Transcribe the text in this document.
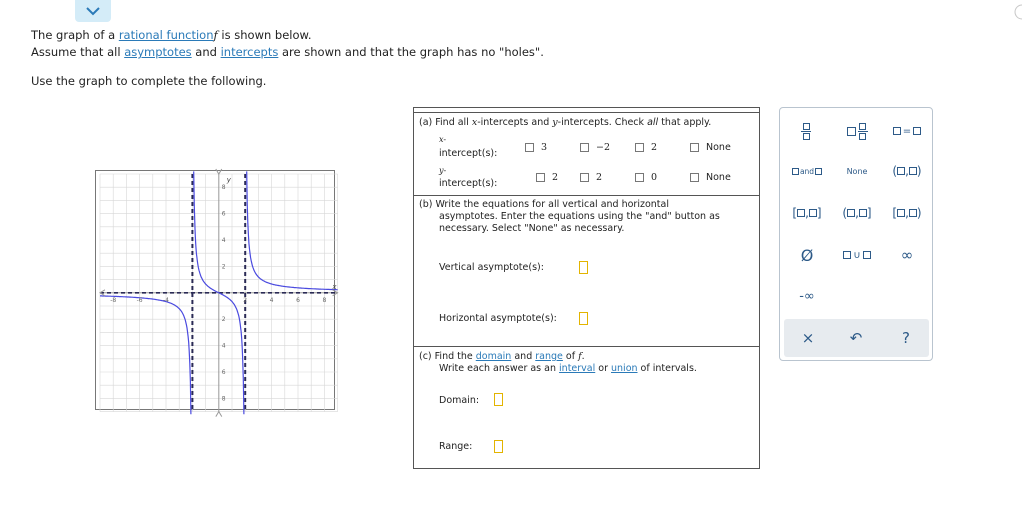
The graph of a rational functionf is shown below.
Assume that all asymptotes and intercepts are shown and that the graph has no "holes".
Use the graph to complete the following.
-8	-6	-4	2	4	6	8
8
6
4
2
2
4
6
8
x
y
(a) Find all x-intercepts and y-intercepts. Check all that apply.
x-
intercept(s):
3	−2	2	None
y-
intercept(s):
2	2	0	None
(b) Write the equations for all vertical and horizontal
asymptotes. Enter the equations using the "and" button as
necessary. Select "None" as necessary.
Vertical asymptote(s):
Horizontal asymptote(s):
(c) Find the domain and range of f.
Write each answer as an interval or union of intervals.
Domain:
Range:
=
and	None	( , )
[ , ] ( , ] [ , )
Ø	∪	∞
-∞
× ↶	?
